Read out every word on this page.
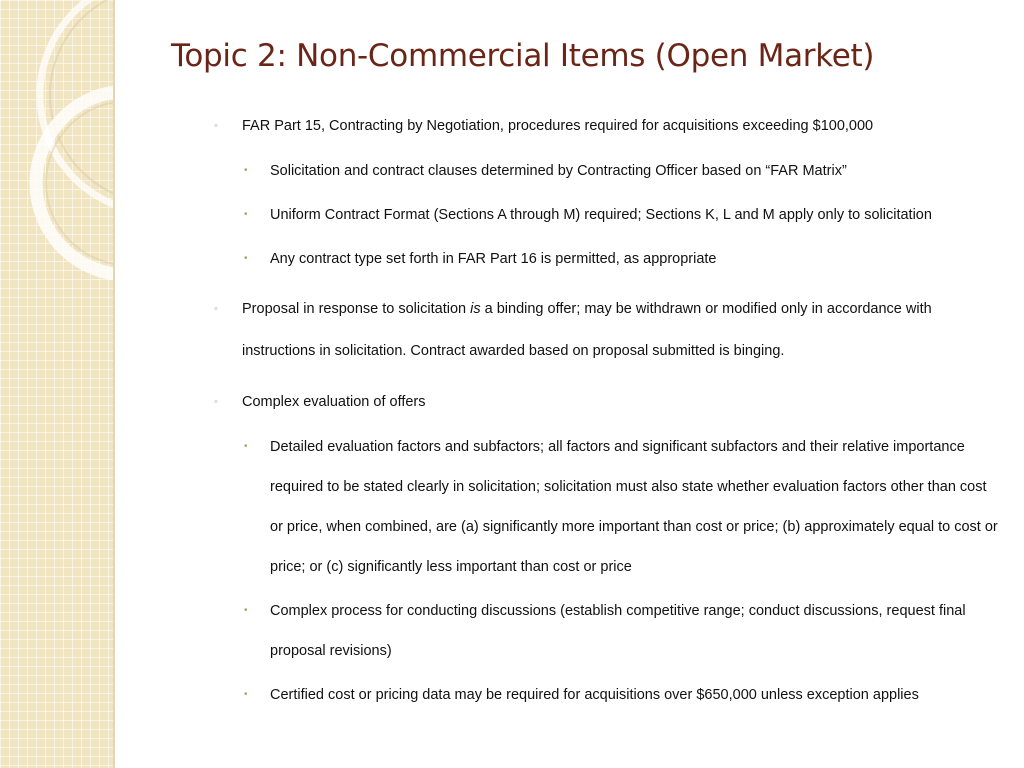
Topic 2: Non-Commercial Items (Open Market)
◦ FAR Part 15, Contracting by Negotiation, procedures required for acquisitions exceeding $100,000
• Solicitation and contract clauses determined by Contracting Officer based on “FAR Matrix”
• Uniform Contract Format (Sections A through M) required; Sections K, L and M apply only to solicitation
• Any contract type set forth in FAR Part 16 is permitted, as appropriate
◦ Proposal in response to solicitation is a binding offer; may be withdrawn or modified only in accordance with instructions in solicitation. Contract awarded based on proposal submitted is binging.
◦ Complex evaluation of offers
• Detailed evaluation factors and subfactors; all factors and significant subfactors and their relative importance required to be stated clearly in solicitation; solicitation must also state whether evaluation factors other than cost or price, when combined, are (a) significantly more important than cost or price; (b) approximately equal to cost or price; or (c) significantly less important than cost or price
• Complex process for conducting discussions (establish competitive range; conduct discussions, request final proposal revisions)
• Certified cost or pricing data may be required for acquisitions over $650,000 unless exception applies
